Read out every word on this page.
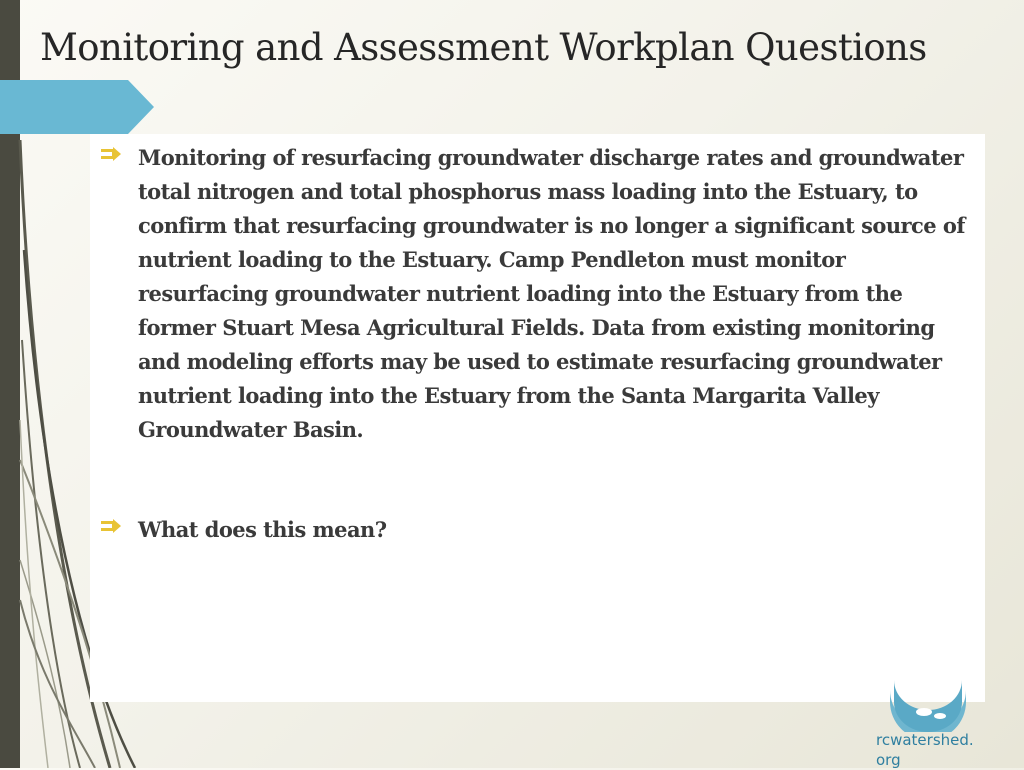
Monitoring and Assessment Workplan Questions
Monitoring of resurfacing groundwater discharge rates and groundwater total nitrogen and total phosphorus mass loading into the Estuary, to confirm that resurfacing groundwater is no longer a significant source of nutrient loading to the Estuary. Camp Pendleton must monitor resurfacing groundwater nutrient loading into the Estuary from the former Stuart Mesa Agricultural Fields. Data from existing monitoring and modeling efforts may be used to estimate resurfacing groundwater nutrient loading into the Estuary from the Santa Margarita Valley Groundwater Basin.
What does this mean?
rcwatershed.
org
